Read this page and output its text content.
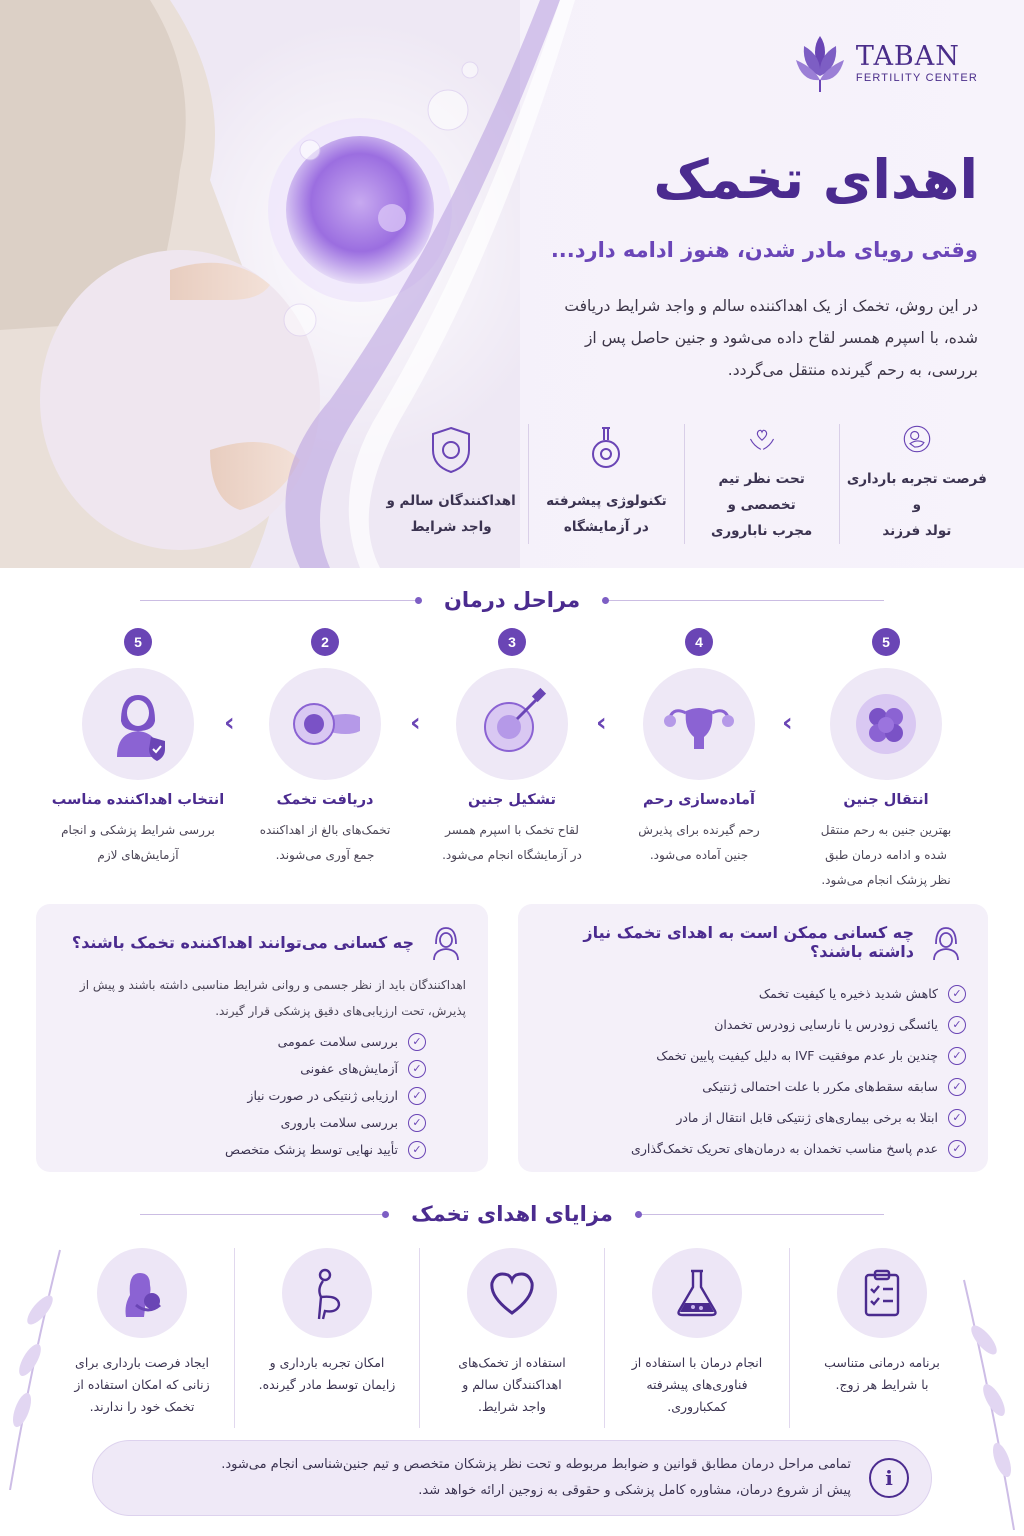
TABAN
FERTILITY CENTER
اهدای تخمک
وقتی رویای مادر شدن، هنوز ادامه دارد...
در این روش، تخمک از یک اهداکننده سالم و واجد شرایط دریافت شده، با اسپرم همسر لقاح داده می‌شود و جنین حاصل پس از بررسی، به رحم گیرنده منتقل می‌گردد.
فرصت تجربه بارداری و
تولد فرزند
تحت نظر تیم تخصصی و
مجرب ناباروری
تکنولوژی پیشرفته
در آزمایشگاه
اهداکنندگان سالم و
واجد شرایط
مراحل درمان
5
انتقال جنین
بهترین جنین به رحم منتقل
شده و ادامه درمان طبق
نظر پزشک انجام می‌شود.
‹
4
آماده‌سازی رحم
رحم گیرنده برای پذیرش
جنین آماده می‌شود.
‹
3
تشکیل جنین
لقاح تخمک با اسپرم همسر
در آزمایشگاه انجام می‌شود.
‹
2
دریافت تخمک
تخمک‌های بالغ از اهداکننده
جمع آوری می‌شوند.
‹
5
انتخاب اهداکننده مناسب
بررسی شرایط پزشکی و انجام
آزمایش‌های لازم
چه کسانی ممکن است به اهدای تخمک نیاز داشته باشند؟
✓
کاهش شدید ذخیره یا کیفیت تخمک
✓
یائسگی زودرس یا نارسایی زودرس تخمدان
✓
چندین بار عدم موفقیت IVF به دلیل کیفیت پایین تخمک
✓
سابقه سقط‌های مکرر با علت احتمالی ژنتیکی
✓
ابتلا به برخی بیماری‌های ژنتیکی قابل انتقال از مادر
✓
عدم پاسخ مناسب تخمدان به درمان‌های تحریک تخمک‌گذاری
چه کسانی می‌توانند اهداکننده تخمک باشند؟
اهداکنندگان باید از نظر جسمی و روانی شرایط مناسبی داشته باشند و پیش از پذیرش، تحت ارزیابی‌های دقیق پزشکی قرار گیرند.
✓
بررسی سلامت عمومی
✓
آزمایش‌های عفونی
✓
ارزیابی ژنتیکی در صورت نیاز
✓
بررسی سلامت باروری
✓
تأیید نهایی توسط پزشک متخصص
مزایای اهدای تخمک
برنامه درمانی متناسب
با شرایط هر زوج.
انجام درمان با استفاده از
فناوری‌های پیشرفته کمکباروری.
استفاده از تخمک‌های
اهداکنندگان سالم و
واجد شرایط.
امکان تجربه بارداری و
زایمان توسط مادر گیرنده.
ایجاد فرصت بارداری برای
زنانی که امکان استفاده از
تخمک خود را ندارند.
i
تمامی مراحل درمان مطابق قوانین و ضوابط مربوطه و تحت نظر پزشکان متخصص و تیم جنین‌شناسی انجام می‌شود.
پیش از شروع درمان، مشاوره کامل پزشکی و حقوقی به زوجین ارائه خواهد شد.
